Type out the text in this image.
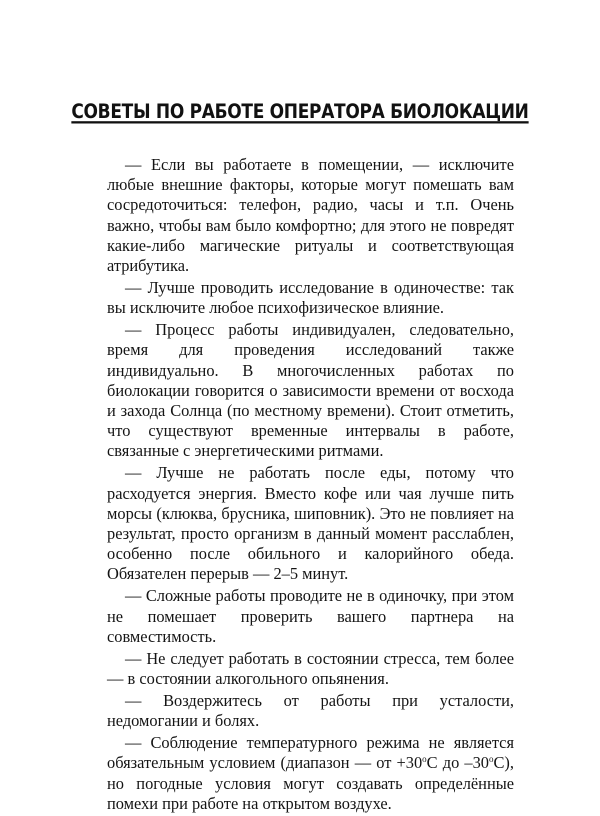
СОВЕТЫ ПО РАБОТЕ ОПЕРАТОРА БИОЛОКАЦИИ

— Если вы работаете в помещении, — исключите любые внешние факторы, которые могут помешать вам сосредоточиться: телефон, радио, часы и т.п. Очень важно, чтобы вам было комфортно; для этого не повредят какие-либо магические ритуалы и соответствующая атрибутика.

— Лучше проводить исследование в одиночестве: так вы исключите любое психофизическое влияние.

— Процесс работы индивидуален, следовательно, время для проведения исследований также индивидуально. В многочисленных работах по биолокации говорится о зависимости времени от восхода и захода Солнца (по местному времени). Стоит отметить, что существуют временные интервалы в работе, связанные с энергетическими ритмами.

— Лучше не работать после еды, потому что расходуется энергия. Вместо кофе или чая лучше пить морсы (клюква, брусника, шиповник). Это не повлияет на результат, просто организм в данный момент расслаблен, особенно после обильного и калорийного обеда. Обязателен перерыв — 2–5 минут.

— Сложные работы проводите не в одиночку, при этом не помешает проверить вашего партнера на совместимость.

— Не следует работать в состоянии стресса, тем более — в состоянии алкогольного опьянения.

— Воздержитесь от работы при усталости, недомогании и болях.

— Соблюдение температурного режима не является обязательным условием (диапазон — от $+30^оС$ до $-30^оС$), но погодные условия могут создавать определённые помехи при работе на открытом воздухе.
